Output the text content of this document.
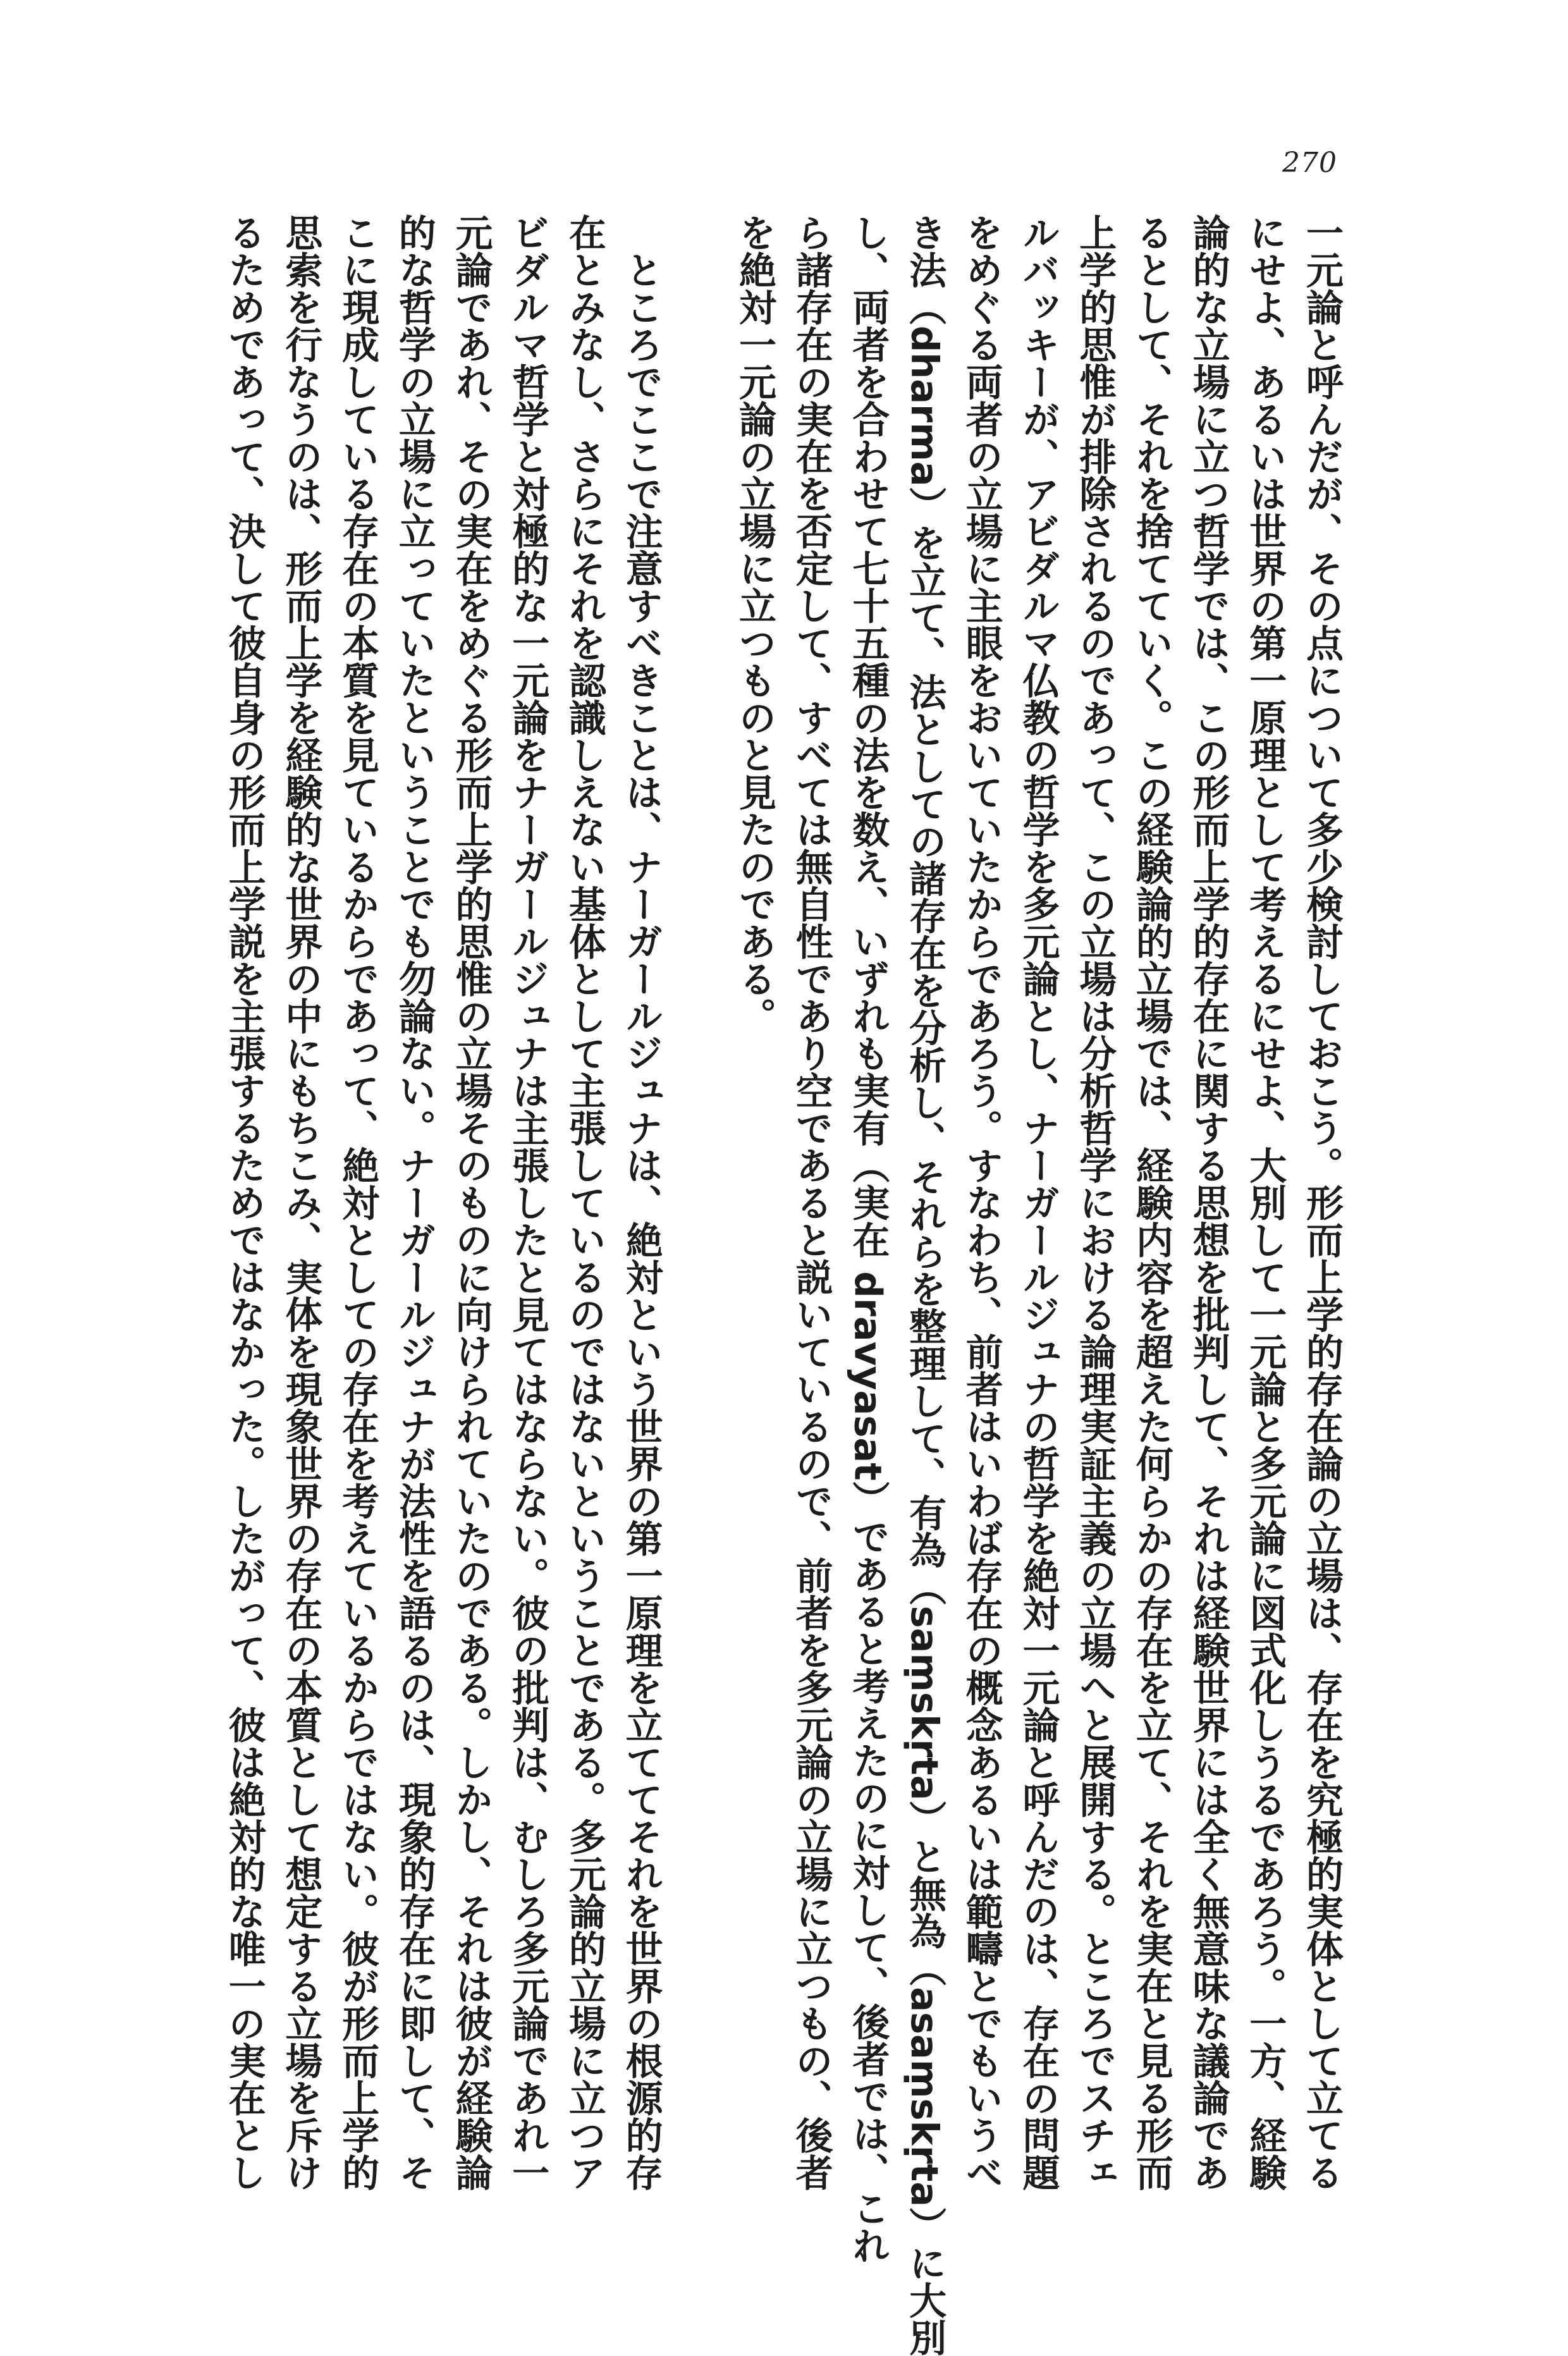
270
一元論と呼んだが、その点について多少検討しておこう。形而上学的存在論の立場は、存在を究極的実体として立てる
にせよ、あるいは世界の第一原理として考えるにせよ、大別して一元論と多元論に図式化しうるであろう。一方、経験
論的な立場に立つ哲学では、この形而上学的存在に関する思想を批判して、それは経験世界には全く無意味な議論であ
るとして、それを捨てていく。この経験論的立場では、経験内容を超えた何らかの存在を立て、それを実在と見る形而
上学的思惟が排除されるのであって、この立場は分析哲学における論理実証主義の立場へと展開する。ところでスチェ
ルバッキーが、アビダルマ仏教の哲学を多元論とし、ナーガールジュナの哲学を絶対一元論と呼んだのは、存在の問題
をめぐる両者の立場に主眼をおいていたからであろう。すなわち、前者はいわば存在の概念あるいは範疇とでもいうべ
き法（dharma）を立て、法としての諸存在を分析し、それらを整理して、有為（saṃskṛta）と無為（asaṃskṛta）に大別
し、両者を合わせて七十五種の法を数え、いずれも実有（実在 dravyasat）であると考えたのに対して、後者では、これ
ら諸存在の実在を否定して、すべては無自性であり空であると説いているので、前者を多元論の立場に立つもの、後者
を絶対一元論の立場に立つものと見たのである。
ところでここで注意すべきことは、ナーガールジュナは、絶対という世界の第一原理を立ててそれを世界の根源的存
在とみなし、さらにそれを認識しえない基体として主張しているのではないということである。多元論的立場に立つア
ビダルマ哲学と対極的な一元論をナーガールジュナは主張したと見てはならない。彼の批判は、むしろ多元論であれ一
元論であれ、その実在をめぐる形而上学的思惟の立場そのものに向けられていたのである。しかし、それは彼が経験論
的な哲学の立場に立っていたということでも勿論ない。ナーガールジュナが法性を語るのは、現象的存在に即して、そ
こに現成している存在の本質を見ているからであって、絶対としての存在を考えているからではない。彼が形而上学的
思索を行なうのは、形而上学を経験的な世界の中にもちこみ、実体を現象世界の存在の本質として想定する立場を斥け
るためであって、決して彼自身の形而上学説を主張するためではなかった。したがって、彼は絶対的な唯一の実在とし
